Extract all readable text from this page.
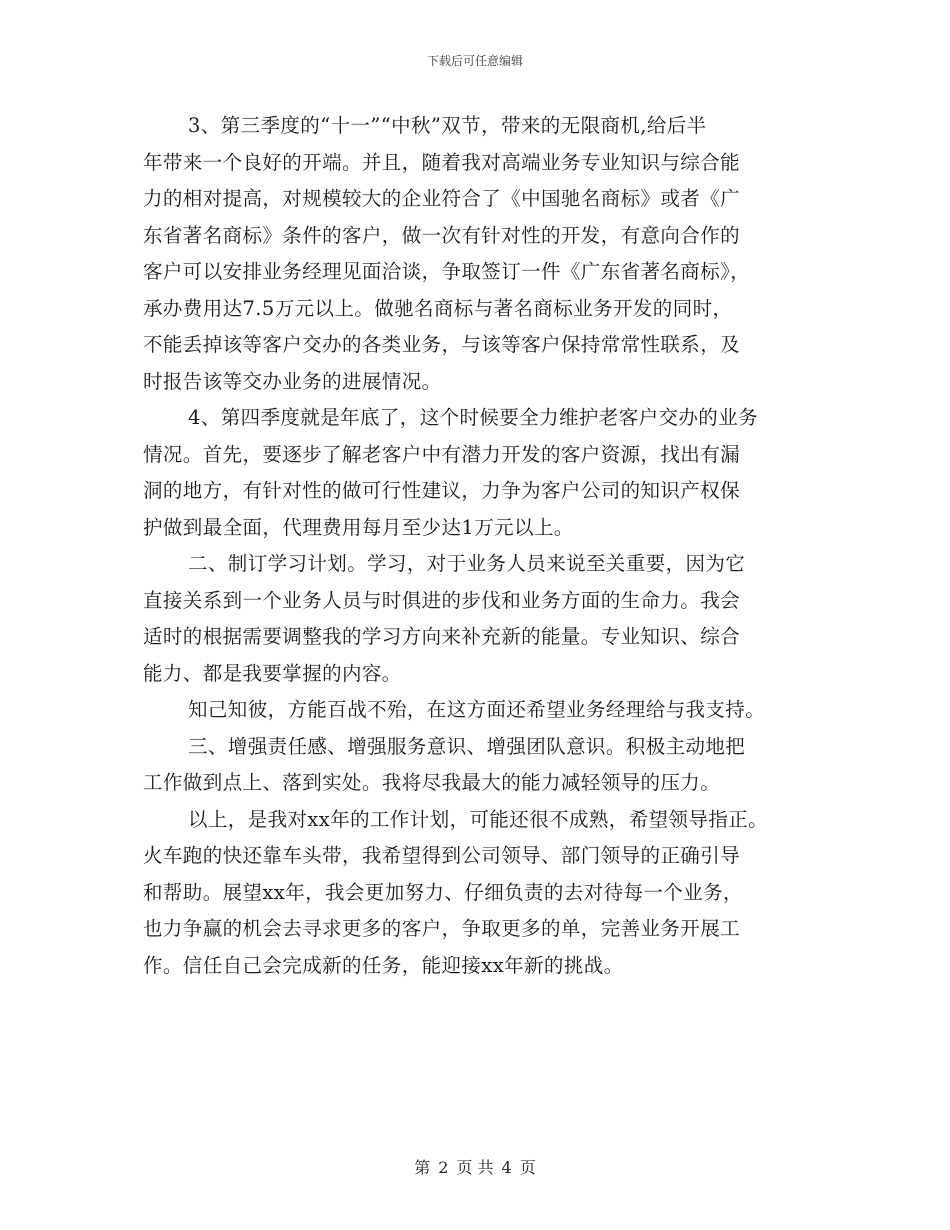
下载后可任意编辑

3、第三季度的“十一”“中秋”双节，带来的无限商机,给后半
年带来一个良好的开端。并且，随着我对高端业务专业知识与综合能
力的相对提高，对规模较大的企业符合了《中国驰名商标》或者《广
东省著名商标》条件的客户，做一次有针对性的开发，有意向合作的
客户可以安排业务经理见面洽谈，争取签订一件《广东省著名商标》，
承办费用达7.5万元以上。做驰名商标与著名商标业务开发的同时，
不能丢掉该等客户交办的各类业务，与该等客户保持常常性联系，及
时报告该等交办业务的进展情况。

4、第四季度就是年底了，这个时候要全力维护老客户交办的业务
情况。首先，要逐步了解老客户中有潜力开发的客户资源，找出有漏
洞的地方，有针对性的做可行性建议，力争为客户公司的知识产权保
护做到最全面，代理费用每月至少达1万元以上。

二、制订学习计划。学习，对于业务人员来说至关重要，因为它
直接关系到一个业务人员与时俱进的步伐和业务方面的生命力。我会
适时的根据需要调整我的学习方向来补充新的能量。专业知识、综合
能力、都是我要掌握的内容。

知己知彼，方能百战不殆，在这方面还希望业务经理给与我支持。

三、增强责任感、增强服务意识、增强团队意识。积极主动地把
工作做到点上、落到实处。我将尽我最大的能力减轻领导的压力。

以上，是我对xx年的工作计划，可能还很不成熟，希望领导指正。
火车跑的快还靠车头带，我希望得到公司领导、部门领导的正确引导
和帮助。展望xx年，我会更加努力、仔细负责的去对待每一个业务，
也力争赢的机会去寻求更多的客户，争取更多的单，完善业务开展工
作。信任自己会完成新的任务，能迎接xx年新的挑战。

第 2 页 共 4 页
